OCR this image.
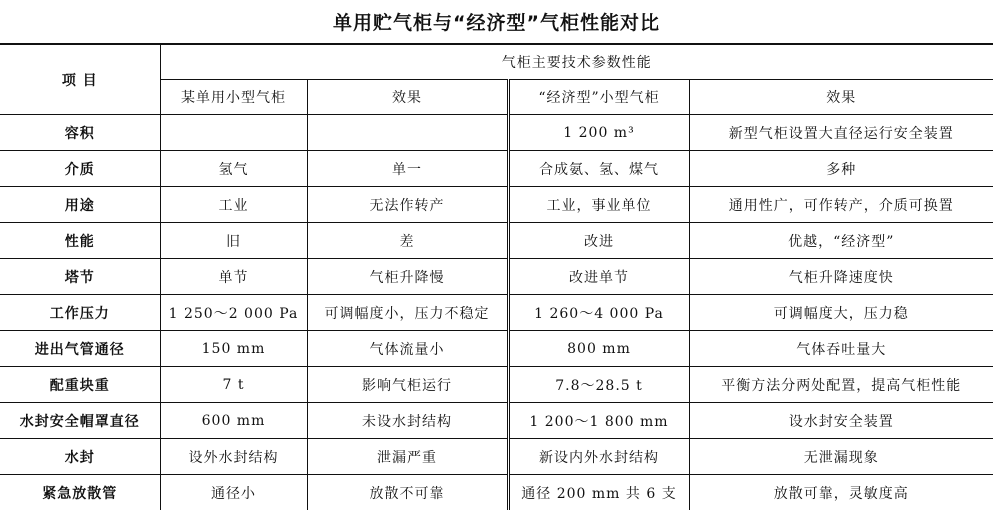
单用贮气柜与“经济型”气柜性能对比
项 目	气柜主要技术参数性能			
	某单用小型气柜	效果	“经济型”小型气柜	效果
容积			1 200 m³	新型气柜设置大直径运行安全装置
介质	氢气	单一	合成氨、氢、煤气	多种
用途	工业	无法作转产	工业，事业单位	通用性广，可作转产，介质可换置
性能	旧	差	改进	优越，“经济型”
塔节	单节	气柜升降慢	改进单节	气柜升降速度快
工作压力	1 250～2 000 Pa	可调幅度小，压力不稳定	1 260～4 000 Pa	可调幅度大，压力稳
进出气管通径	150 mm	气体流量小	800 mm	气体吞吐量大
配重块重	7 t	影响气柜运行	7.8～28.5 t	平衡方法分两处配置，提高气柜性能
水封安全帽罩直径	600 mm	未设水封结构	1 200～1 800 mm	设水封安全装置
水封	设外水封结构	泄漏严重	新设内外水封结构	无泄漏现象
紧急放散管	通径小	放散不可靠	通径 200 mm 共 6 支	放散可靠，灵敏度高
